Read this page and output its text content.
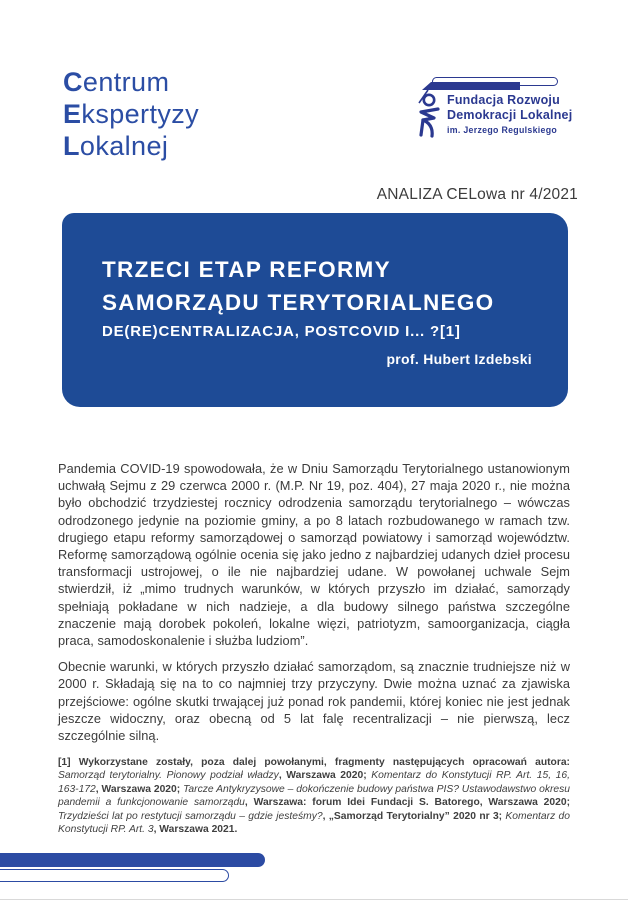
Centrum
Ekspertyzy
Lokalnej
Fundacja Rozwoju
Demokracji Lokalnej
im. Jerzego Regulskiego
ANALIZA CELowa nr 4/2021
TRZECI ETAP REFORMY
SAMORZĄDU TERYTORIALNEGO
DE(RE)CENTRALIZACJA, POSTCOVID I... ?[1]
prof. Hubert Izdebski

Pandemia COVID-19 spowodowała, że w Dniu Samorządu Terytorialnego ustanowionym uchwałą Sejmu z 29 czerwca 2000 r. (M.P. Nr 19, poz. 404), 27 maja 2020 r., nie można było obchodzić trzydziestej rocznicy odrodzenia samorządu terytorialnego – wówczas odrodzonego jedynie na poziomie gminy, a po 8 latach rozbudowanego w ramach tzw. drugiego etapu reformy samorządowej o samorząd powiatowy i samorząd województw. Reformę samorządową ogólnie ocenia się jako jedno z najbardziej udanych dzieł procesu transformacji ustrojowej, o ile nie najbardziej udane. W powołanej uchwale Sejm stwierdził, iż „mimo trudnych warunków, w których przyszło im działać, samorządy spełniają pokładane w nich nadzieje, a dla budowy silnego państwa szczególne znaczenie mają dorobek pokoleń, lokalne więzi, patriotyzm, samoorganizacja, ciągła praca, samodoskonalenie i służba ludziom”.

Obecnie warunki, w których przyszło działać samorządom, są znacznie trudniejsze niż w 2000 r. Składają się na to co najmniej trzy przyczyny. Dwie można uznać za zjawiska przejściowe: ogólne skutki trwającej już ponad rok pandemii, której koniec nie jest jednak jeszcze widoczny, oraz obecną od 5 lat falę recentralizacji – nie pierwszą, lecz szczególnie silną.

[1] Wykorzystane zostały, poza dalej powołanymi, fragmenty następujących opracowań autora: Samorząd terytorialny. Pionowy podział władzy, Warszawa 2020; Komentarz do Konstytucji RP. Art. 15, 16, 163-172, Warszawa 2020; Tarcze Antykryzysowe – dokończenie budowy państwa PIS? Ustawodawstwo okresu pandemii a funkcjonowanie samorządu, Warszawa: forum Idei Fundacji S. Batorego, Warszawa 2020; Trzydzieści lat po restytucji samorządu – gdzie jesteśmy?, „Samorząd Terytorialny” 2020 nr 3; Komentarz do Konstytucji RP. Art. 3, Warszawa 2021.
